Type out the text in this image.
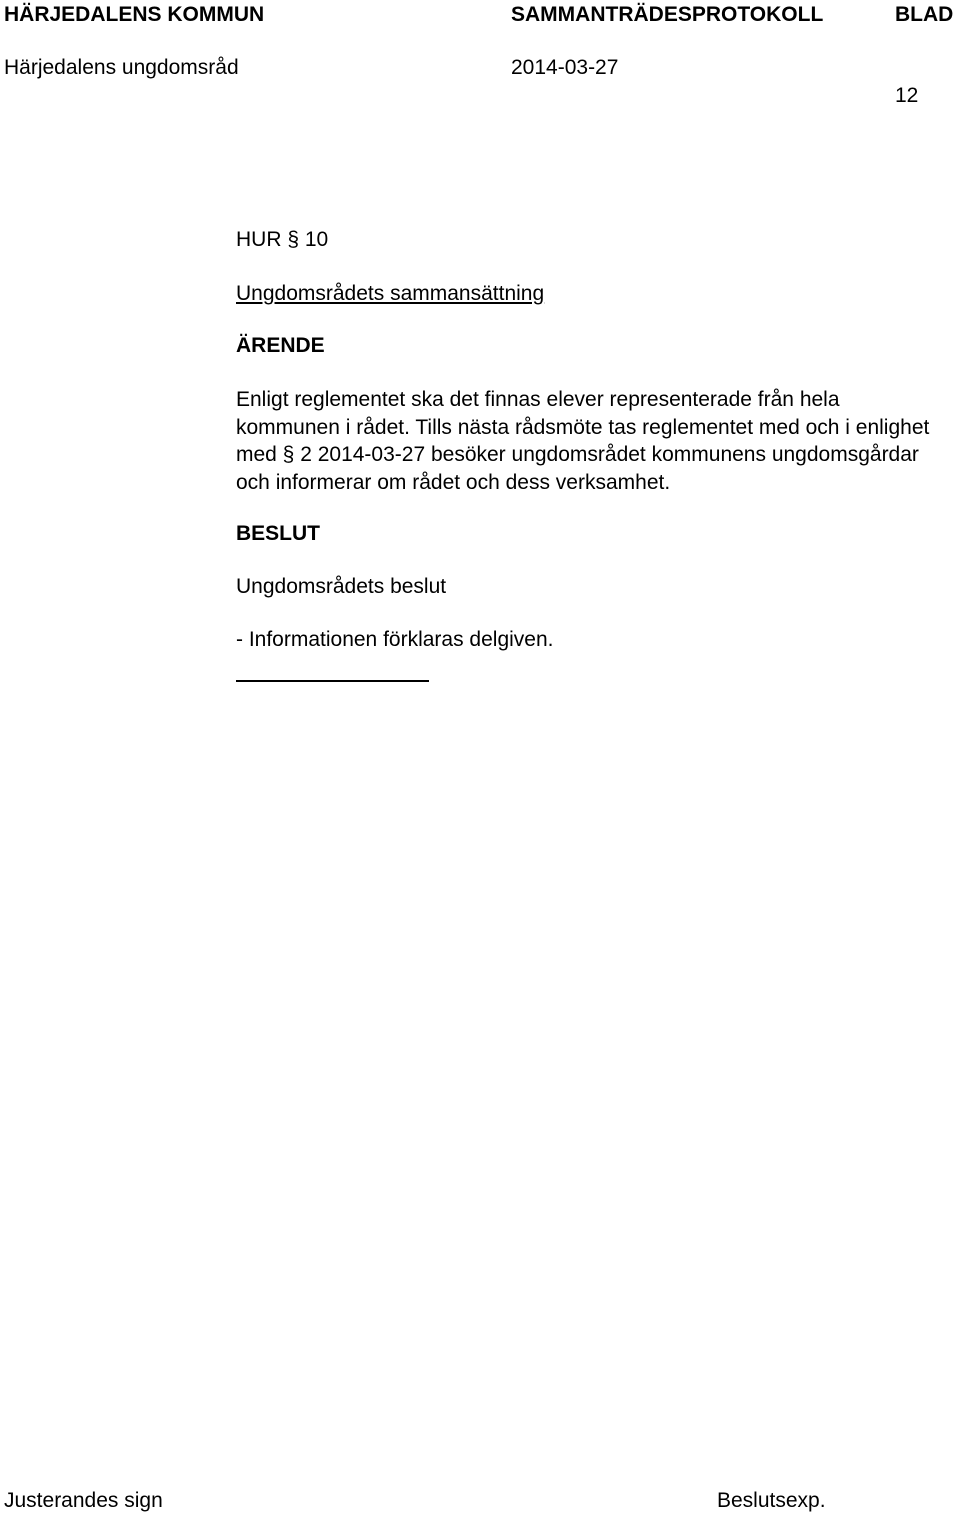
HÄRJEDALENS KOMMUN	SAMMANTRÄDESPROTOKOLL	BLAD
Härjedalens ungdomsråd	2014-03-27
12
HUR § 10
Ungdomsrådets sammansättning
ÄRENDE
Enligt reglementet ska det finnas elever representerade från hela kommunen i rådet. Tills nästa rådsmöte tas reglementet med och i enlighet med § 2 2014-03-27 besöker ungdomsrådet kommunens ungdomsgårdar och informerar om rådet och dess verksamhet.
BESLUT
Ungdomsrådets beslut
- Informationen förklaras delgiven.
Justerandes sign	Beslutsexp.
